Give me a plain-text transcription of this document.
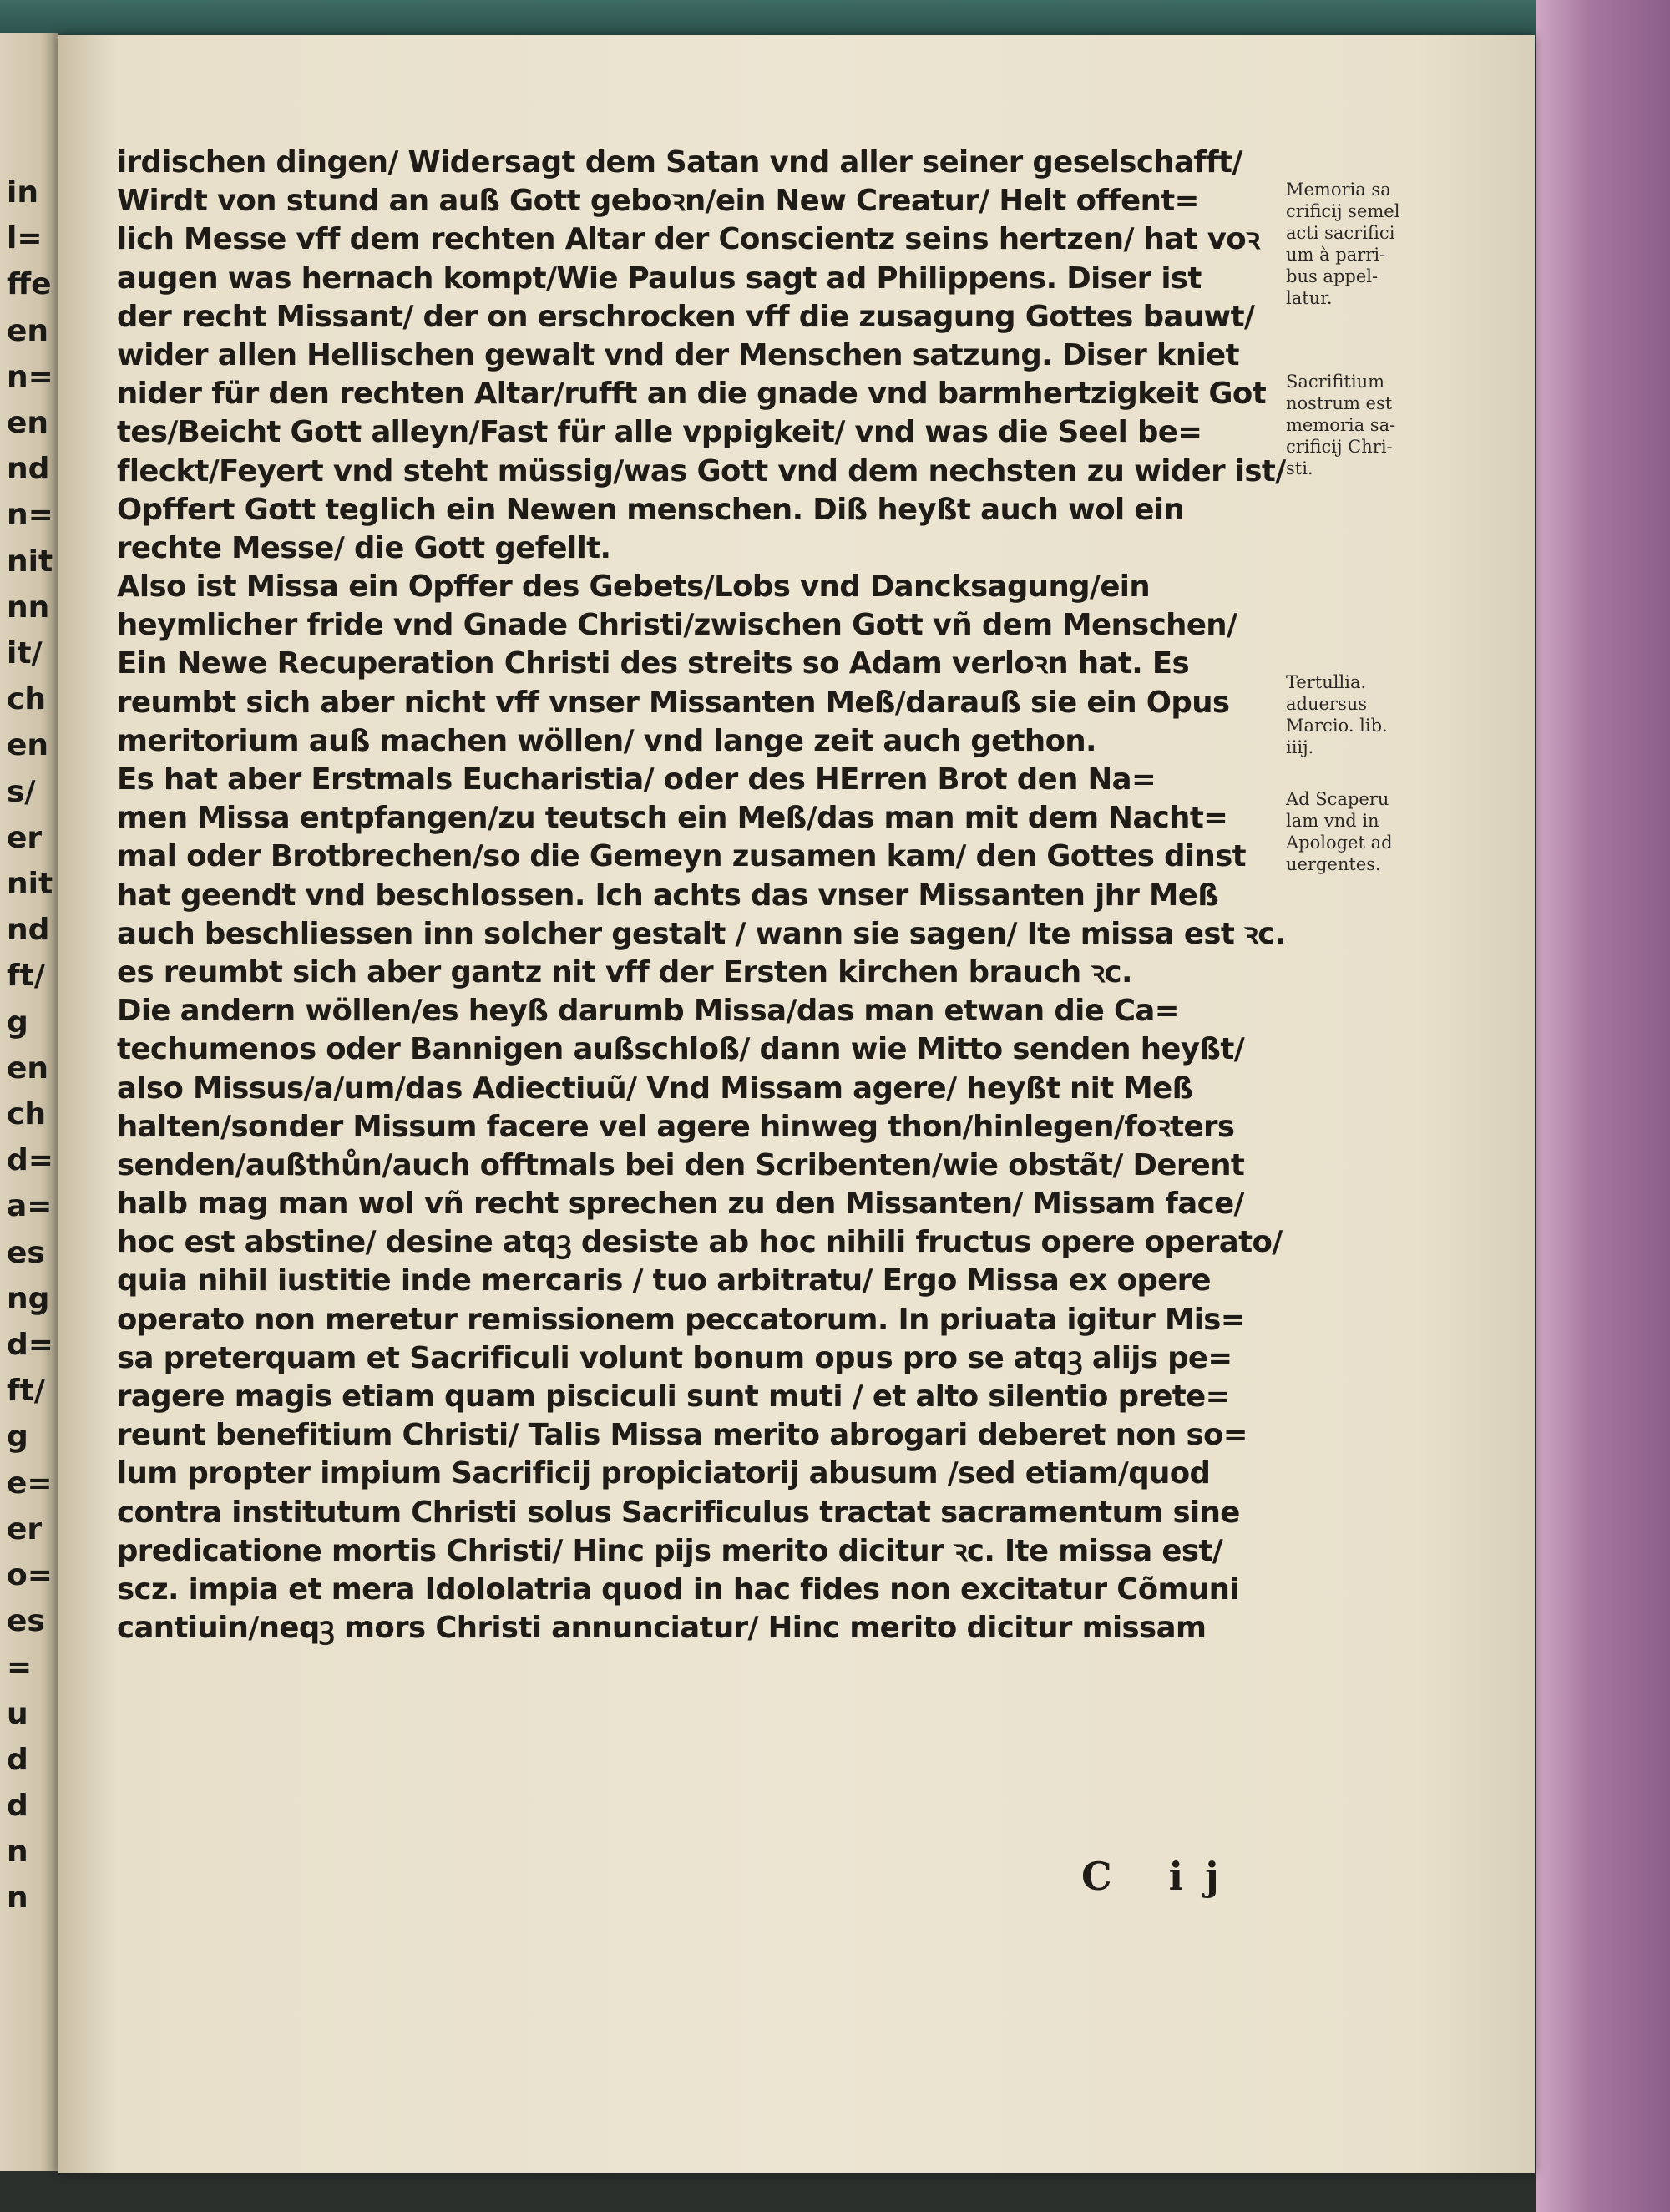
in
l=
ffe
en
n=
en
nd
n=
nit
nn
it/
ch
en
s/
er
nit
nd
ft/
g
en
ch
d=
a=
es
ng
d=
ft/
g
e=
er
o=
es
=
u
d
d
n
n
irdischen dingen/ Widersagt dem Satan vnd aller seiner geselschafft/
Wirdt von stund an auß Gott geboꝛn/ein New Creatur/ Helt offent=
lich Messe vff dem rechten Altar der Conscientz seins hertzen/ hat voꝛ
augen was hernach kompt/Wie Paulus sagt ad Philippens. Diser ist
der recht Missant/ der on erschrocken vff die zusagung Gottes bauwt/
wider allen Hellischen gewalt vnd der Menschen satzung. Diser kniet
nider für den rechten Altar/rufft an die gnade vnd barmhertzigkeit Got
tes/Beicht Gott alleyn/Fast für alle vppigkeit/ vnd was die Seel be=
fleckt/Feyert vnd steht müssig/was Gott vnd dem nechsten zu wider ist/
Opffert Gott teglich ein Newen menschen. Diß heyßt auch wol ein
rechte Messe/ die Gott gefellt.
Also ist Missa ein Opffer des Gebets/Lobs vnd Dancksagung/ein
heymlicher fride vnd Gnade Christi/zwischen Gott vñ dem Menschen/
Ein Newe Recuperation Christi des streits so Adam verloꝛn hat. Es
reumbt sich aber nicht vff vnser Missanten Meß/darauß sie ein Opus
meritorium auß machen wöllen/ vnd lange zeit auch gethon.
Es hat aber Erstmals Eucharistia/ oder des HErren Brot den Na=
men Missa entpfangen/zu teutsch ein Meß/das man mit dem Nacht=
mal oder Brotbrechen/so die Gemeyn zusamen kam/ den Gottes dinst
hat geendt vnd beschlossen. Ich achts das vnser Missanten jhr Meß
auch beschliessen inn solcher gestalt / wann sie sagen/ Ite missa est ꝛc.
es reumbt sich aber gantz nit vff der Ersten kirchen brauch ꝛc.
Die andern wöllen/es heyß darumb Missa/das man etwan die Ca=
techumenos oder Bannigen außschloß/ dann wie Mitto senden heyßt/
also Missus/a/um/das Adiectiuũ/ Vnd Missam agere/ heyßt nit Meß
halten/sonder Missum facere vel agere hinweg thon/hinlegen/foꝛters
senden/außthůn/auch offtmals bei den Scribenten/wie obstãt/ Derent
halb mag man wol vñ recht sprechen zu den Missanten/ Missam face/
hoc est abstine/ desine atqꝫ desiste ab hoc nihili fructus opere operato/
quia nihil iustitie inde mercaris / tuo arbitratu/ Ergo Missa ex opere
operato non meretur remissionem peccatorum. In priuata igitur Mis=
sa preterquam et Sacrificuli volunt bonum opus pro se atqꝫ alijs pe=
ragere magis etiam quam pisciculi sunt muti / et alto silentio prete=
reunt benefitium Christi/ Talis Missa merito abrogari deberet non so=
lum propter impium Sacrificij propiciatorij abusum /sed etiam/quod
contra institutum Christi solus Sacrificulus tractat sacramentum sine
predicatione mortis Christi/ Hinc pijs merito dicitur ꝛc. Ite missa est/
scz. impia et mera Idololatria quod in hac fides non excitatur Cõmuni
cantiuin/neqꝫ mors Christi annunciatur/ Hinc merito dicitur missam
Memoria sa
crificij semel
acti sacrifici
um à parri-
bus appel-
latur.
Sacrifitium
nostrum est
memoria sa-
crificij Chri-
sti.
Tertullia.
aduersus
Marcio. lib.
iiij.
Ad Scaperu
lam vnd in
Apologet ad
uergentes.
C ij
